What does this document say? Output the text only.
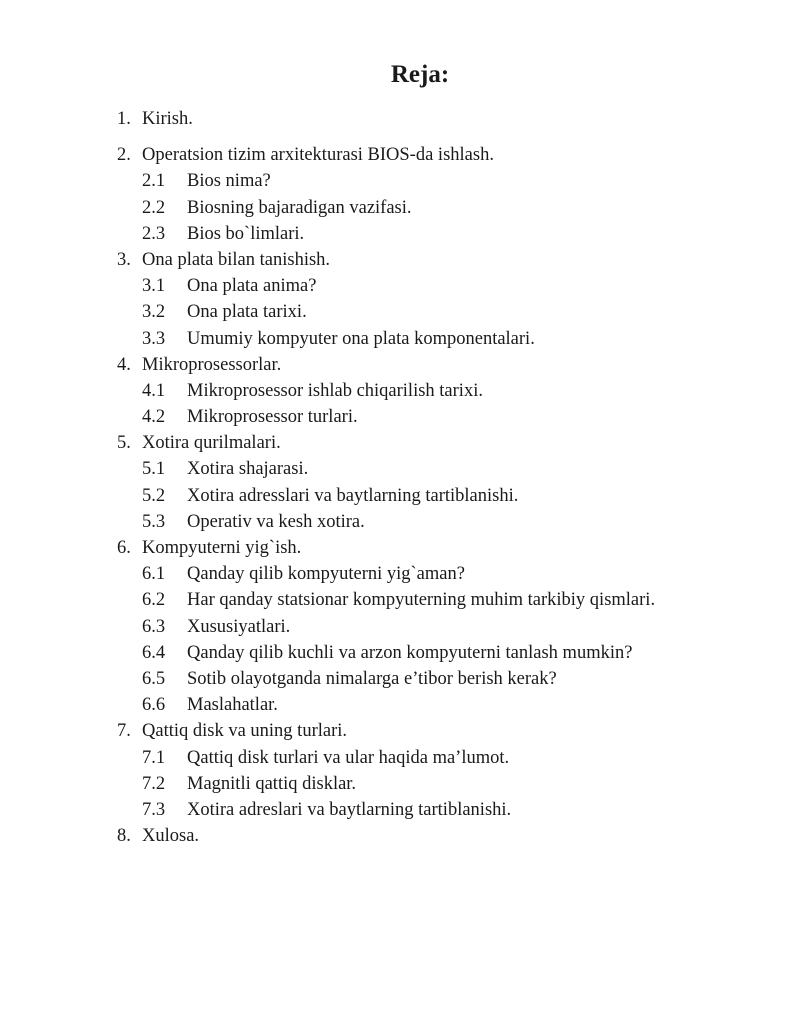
Reja:
1. Kirish.
2. Operatsion tizim arxitekturasi BIOS-da ishlash.
2.1 Bios nima?
2.2 Biosning bajaradigan vazifasi.
2.3 Bios bo`limlari.
3. Ona plata bilan tanishish.
3.1 Ona plata anima?
3.2 Ona plata tarixi.
3.3 Umumiy kompyuter ona plata komponentalari.
4. Mikroprosessorlar.
4.1 Mikroprosessor ishlab chiqarilish tarixi.
4.2 Mikroprosessor turlari.
5. Xotira qurilmalari.
5.1 Xotira shajarasi.
5.2 Xotira adresslari va baytlarning tartiblanishi.
5.3 Operativ va kesh xotira.
6. Kompyuterni yig`ish.
6.1 Qanday qilib kompyuterni yig`aman?
6.2 Har qanday statsionar kompyuterning muhim tarkibiy qismlari.
6.3 Xususiyatlari.
6.4 Qanday qilib kuchli va arzon kompyuterni tanlash mumkin?
6.5 Sotib olayotganda nimalarga e’tibor berish kerak?
6.6 Maslahatlar.
7. Qattiq disk va uning turlari.
7.1 Qattiq disk turlari va ular haqida ma’lumot.
7.2 Magnitli qattiq disklar.
7.3 Xotira adreslari va baytlarning tartiblanishi.
8. Xulosa.
